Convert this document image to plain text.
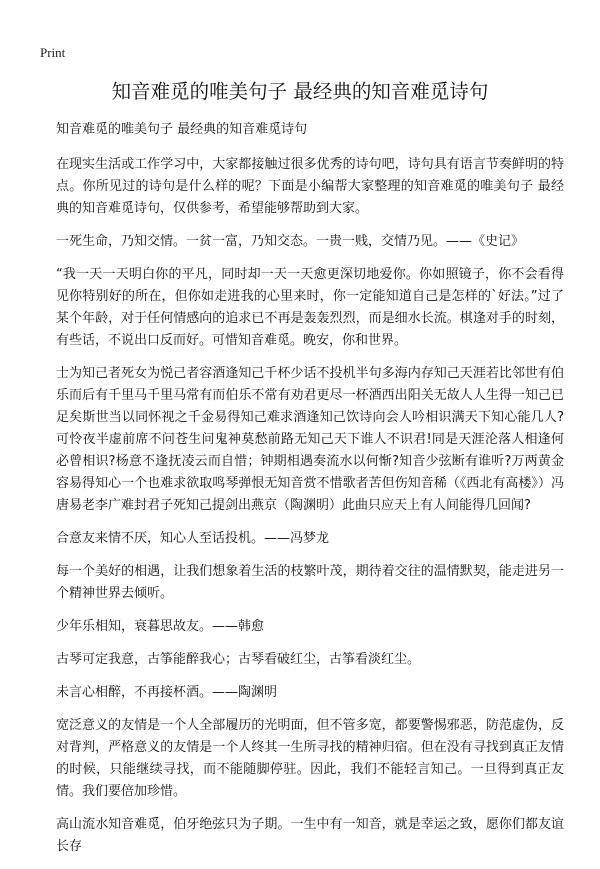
Print
知音难觅的唯美句子 最经典的知音难觅诗句

知音难觅的唯美句子 最经典的知音难觅诗句

在现实生活或工作学习中，大家都接触过很多优秀的诗句吧，诗句具有语言节奏鲜明的特点。你所见过的诗句是什么样的呢？下面是小编帮大家整理的知音难觅的唯美句子 最经典的知音难觅诗句，仅供参考，希望能够帮助到大家。

一死生命，乃知交情。一贫一富，乃知交态。一贵一贱，交情乃见。——《史记》

“我一天一天明白你的平凡，同时却一天一天愈更深切地爱你。你如照镜子，你不会看得见你特别好的所在，但你如走进我的心里来时，你一定能知道自己是怎样的`好法。”过了某个年龄，对于任何情感向的追求已不再是轰轰烈烈，而是细水长流。棋逢对手的时刻，有些话，不说出口反而好。可惜知音难觅。晚安，你和世界。

士为知己者死女为悦己者容酒逢知己千杯少话不投机半句多海内存知己天涯若比邻世有伯乐而后有千里马千里马常有而伯乐不常有劝君更尽一杯酒西出阳关无故人人生得一知己已足矣斯世当以同怀视之千金易得知己难求酒逢知己饮诗向会人吟相识满天下知心能几人?可怜夜半虚前席不问苍生问鬼神莫愁前路无知己天下谁人不识君!同是天涯沦落人相逢何必曾相识?杨意不逢抚凌云而自惜；钟期相遇奏流水以何惭?知音少弦断有谁听?万两黄金容易得知心一个也难求欲取鸣琴弹恨无知音赏不惜歌者苦但伤知音稀（《西北有高楼》）冯唐易老李广难封君子死知己提剑出燕京（陶渊明）此曲只应天上有人间能得几回闻?

合意友来情不厌，知心人至话投机。——冯梦龙

每一个美好的相遇，让我们想象着生活的枝繁叶茂，期待着交往的温情默契，能走进另一个精神世界去倾听。

少年乐相知，衰暮思故友。——韩愈

古琴可定我意，古筝能醉我心；古琴看破红尘，古筝看淡红尘。

未言心相醉，不再接杯酒。——陶渊明

宽泛意义的友情是一个人全部履历的光明面，但不管多宽，都要警惕邪恶，防范虚伪，反对背判，严格意义的友情是一个人终其一生所寻找的精神归宿。但在没有寻找到真正友情的时候，只能继续寻找，而不能随脚停驻。因此，我们不能轻言知己。一旦得到真正友情。我们要倍加珍惜。

高山流水知音难觅，伯牙绝弦只为子期。一生中有一知音，就是幸运之致，愿你们都友谊长存
